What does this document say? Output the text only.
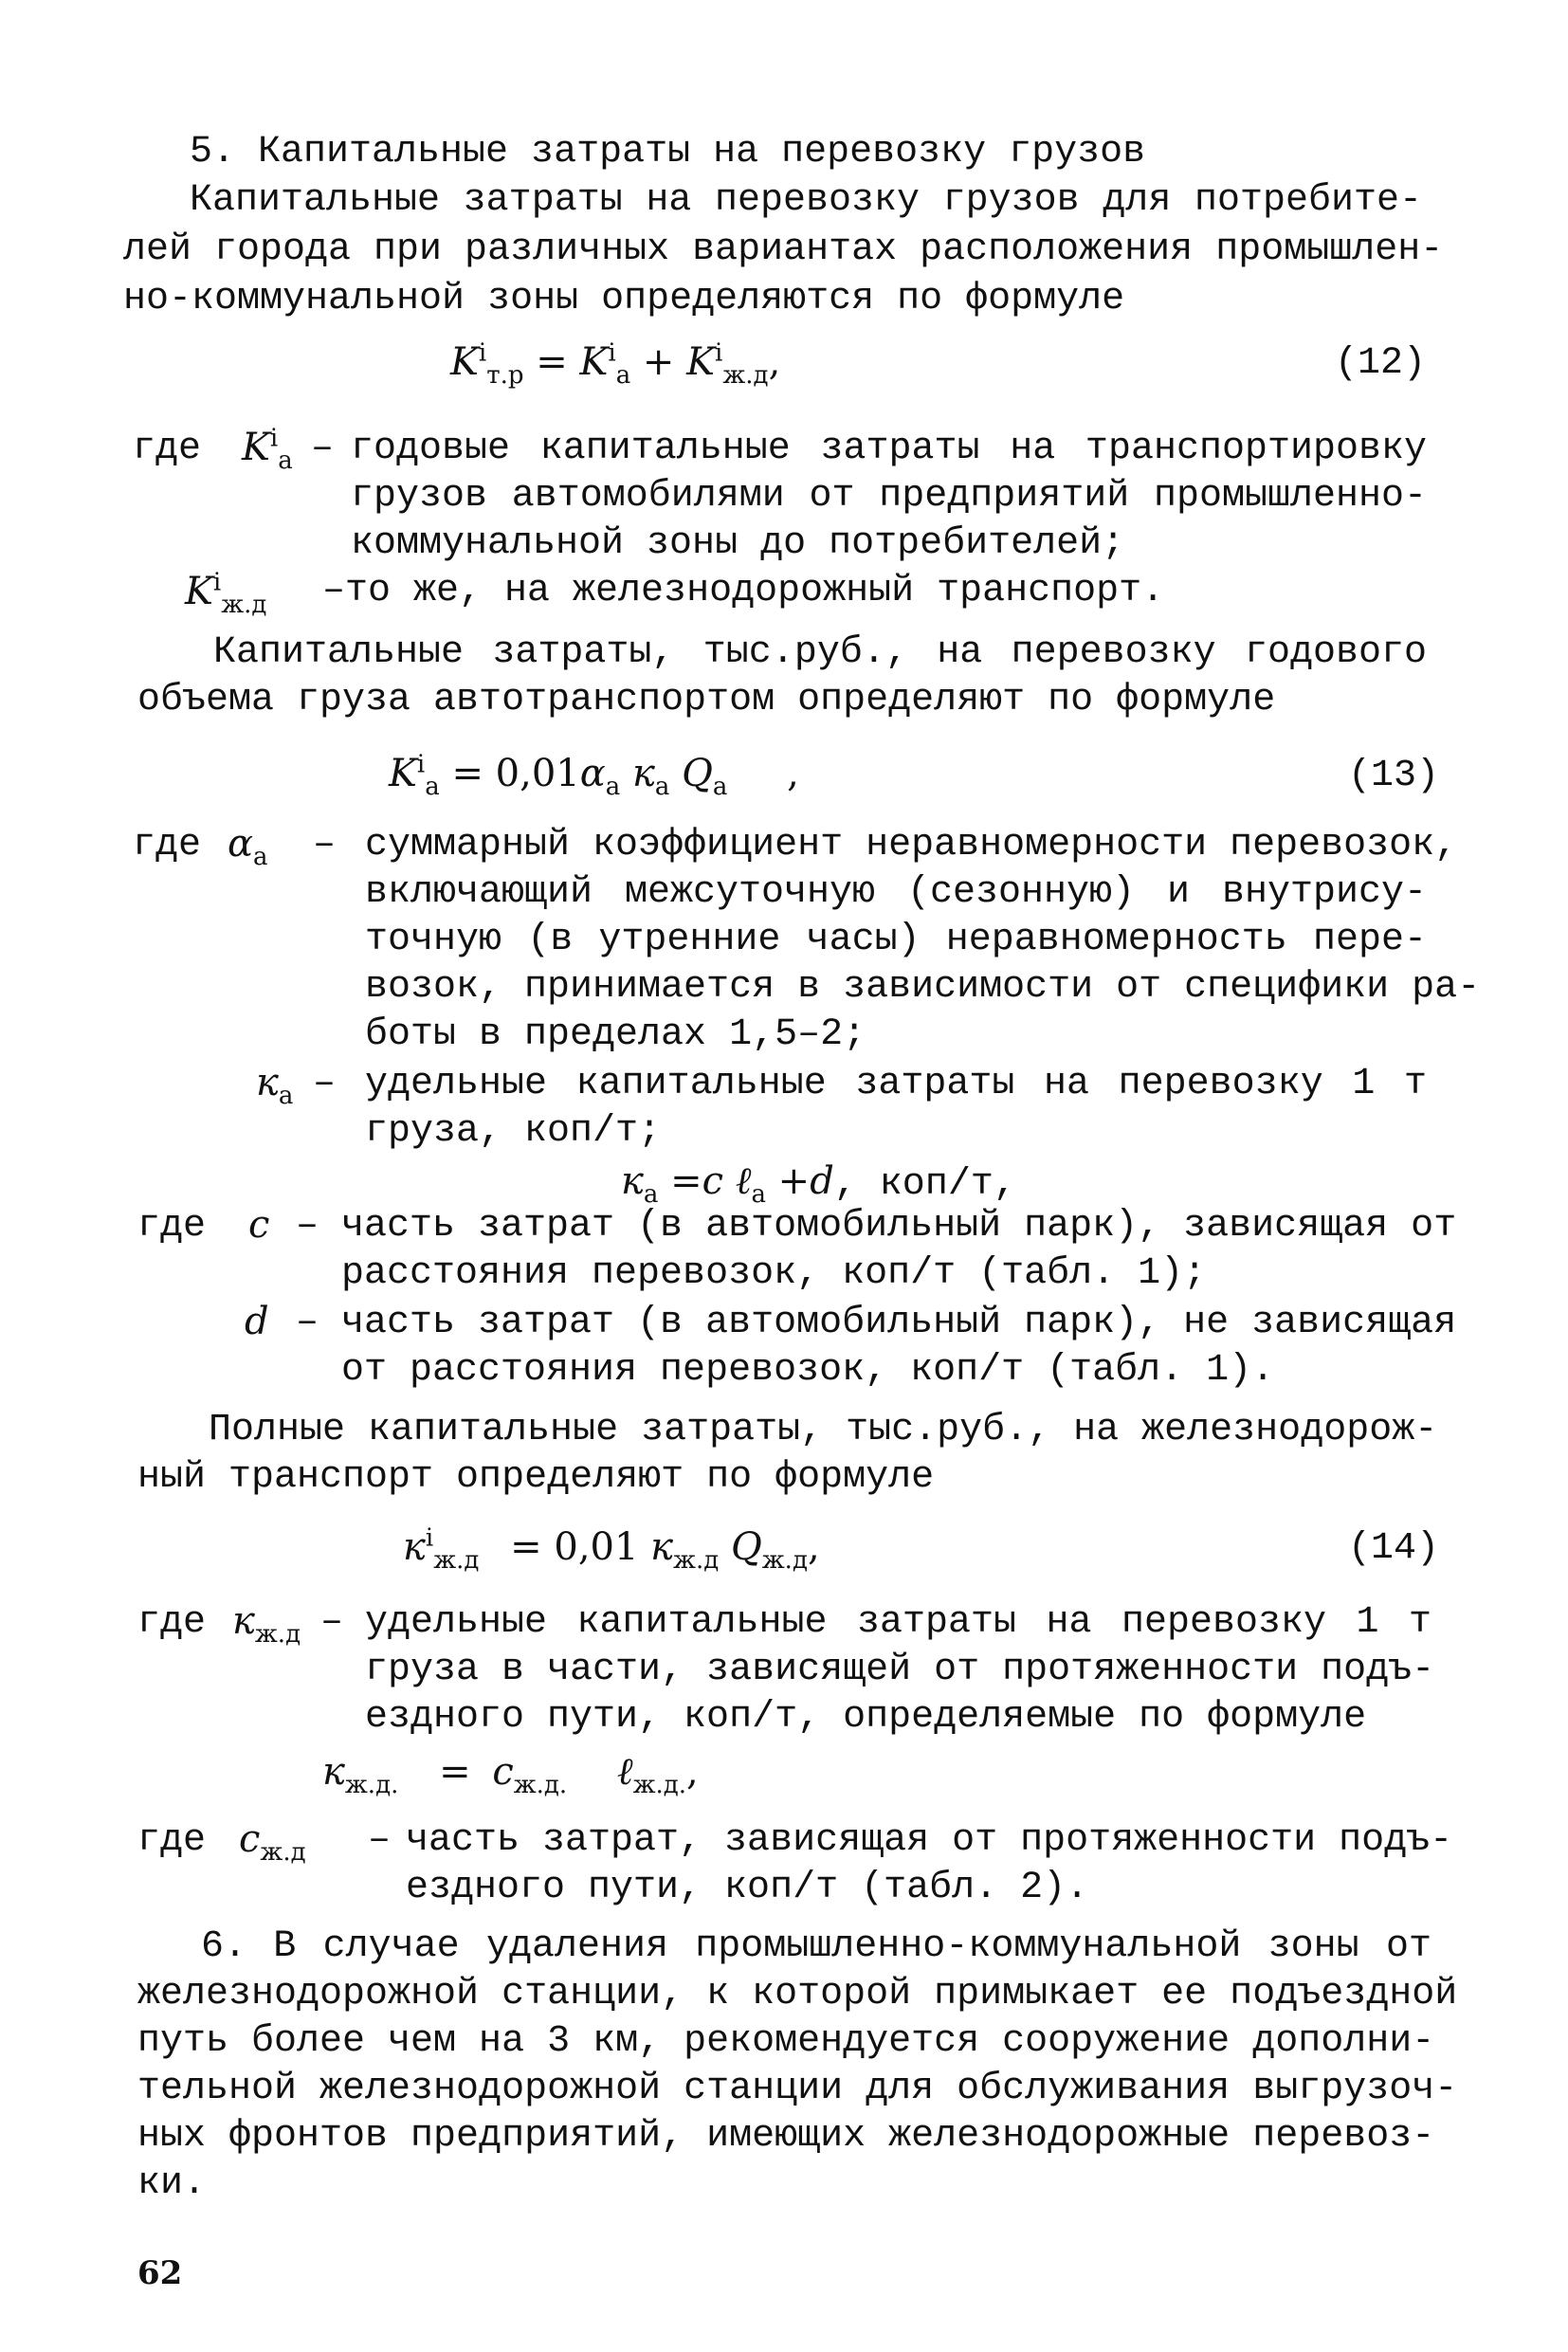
5. Капитальные затраты на перевозку грузов
Капитальные затраты на перевозку грузов для потребите-
лей города при различных вариантах расположения промышлен-
но-коммунальной зоны определяются по формуле
$K^i_{т.р} = K^i_а + K^i_{ж.д}$,	(12)
где $K^i_а$ – годовые капитальные затраты на транспортировку
грузов автомобилями от предприятий промышленно-
коммунальной зоны до потребителей;
$K^i_{ж.д}$ –то же, на железнодорожный транспорт.
Капитальные затраты, тыс.руб., на перевозку годового
объема груза автотранспортом определяют по формуле
$K^i_а = 0,01\alpha_а$ $к_а$ $Q_а$ ,	(13)
где $\alpha_а$ – суммарный коэффициент неравномерности перевозок,
включающий межсуточную (сезонную) и внутрису-
точную (в утренние часы) неравномерность пере-
возок, принимается в зависимости от специфики ра-
боты в пределах 1,5–2;
$к_а$ – удельные капитальные затраты на перевозку 1 т
груза, коп/т;
$к_а =с$ ℓ$_а$ +d, коп/т,
где с – часть затрат (в автомобильный парк), зависящая от
расстояния перевозок, коп/т (табл. 1);
d – часть затрат (в автомобильный парк), не зависящая
от расстояния перевозок, коп/т (табл. 1).
Полные капитальные затраты, тыс.руб., на железнодорож-
ный транспорт определяют по формуле
$к^i_{ж.д} = 0,01$ $к_{ж.д}$ $Q_{ж.д}$,	(14)
где $к_{ж.д}$ – удельные капитальные затраты на перевозку 1 т
груза в части, зависящей от протяженности подъ-
ездного пути, коп/т, определяемые по формуле
$к_{ж.д.} = с_{ж.д.}$ ℓ$_{ж.д.}$,
где $с_{ж.д}$ – часть затрат, зависящая от протяженности подъ-
ездного пути, коп/т (табл. 2).
6. В случае удаления промышленно-коммунальной зоны от
железнодорожной станции, к которой примыкает ее подъездной
путь более чем на 3 км, рекомендуется сооружение дополни-
тельной железнодорожной станции для обслуживания выгрузоч-
ных фронтов предприятий, имеющих железнодорожные перевоз-
ки.
62
